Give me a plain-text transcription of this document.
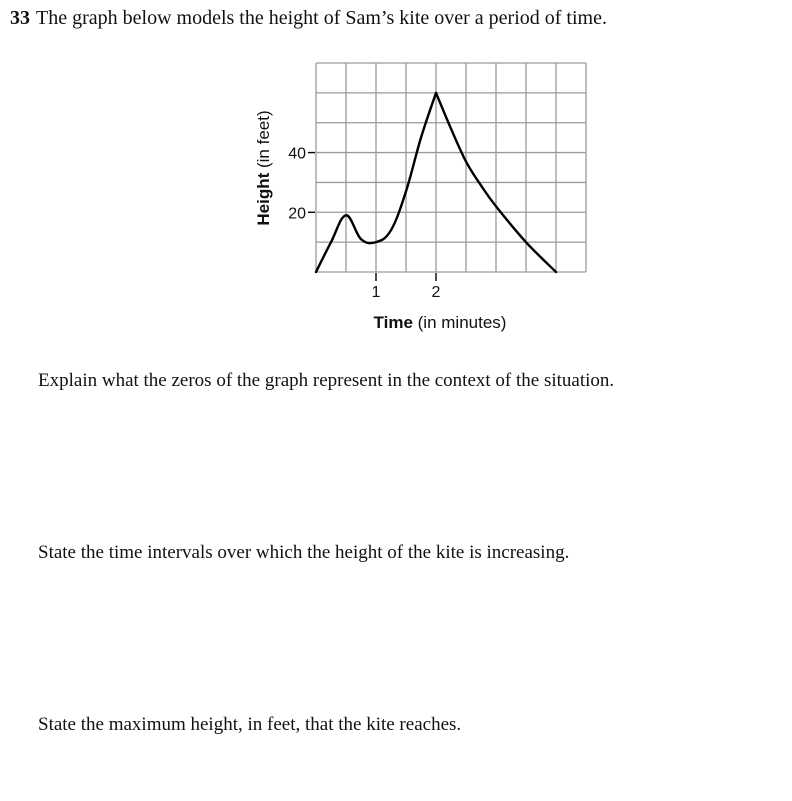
33 The graph below models the height of Sam’s kite over a period of time.
20
40
1	2
Time (in minutes)
Height (in feet)
Explain what the zeros of the graph represent in the context of the situation.
State the time intervals over which the height of the kite is increasing.
State the maximum height, in feet, that the kite reaches.
